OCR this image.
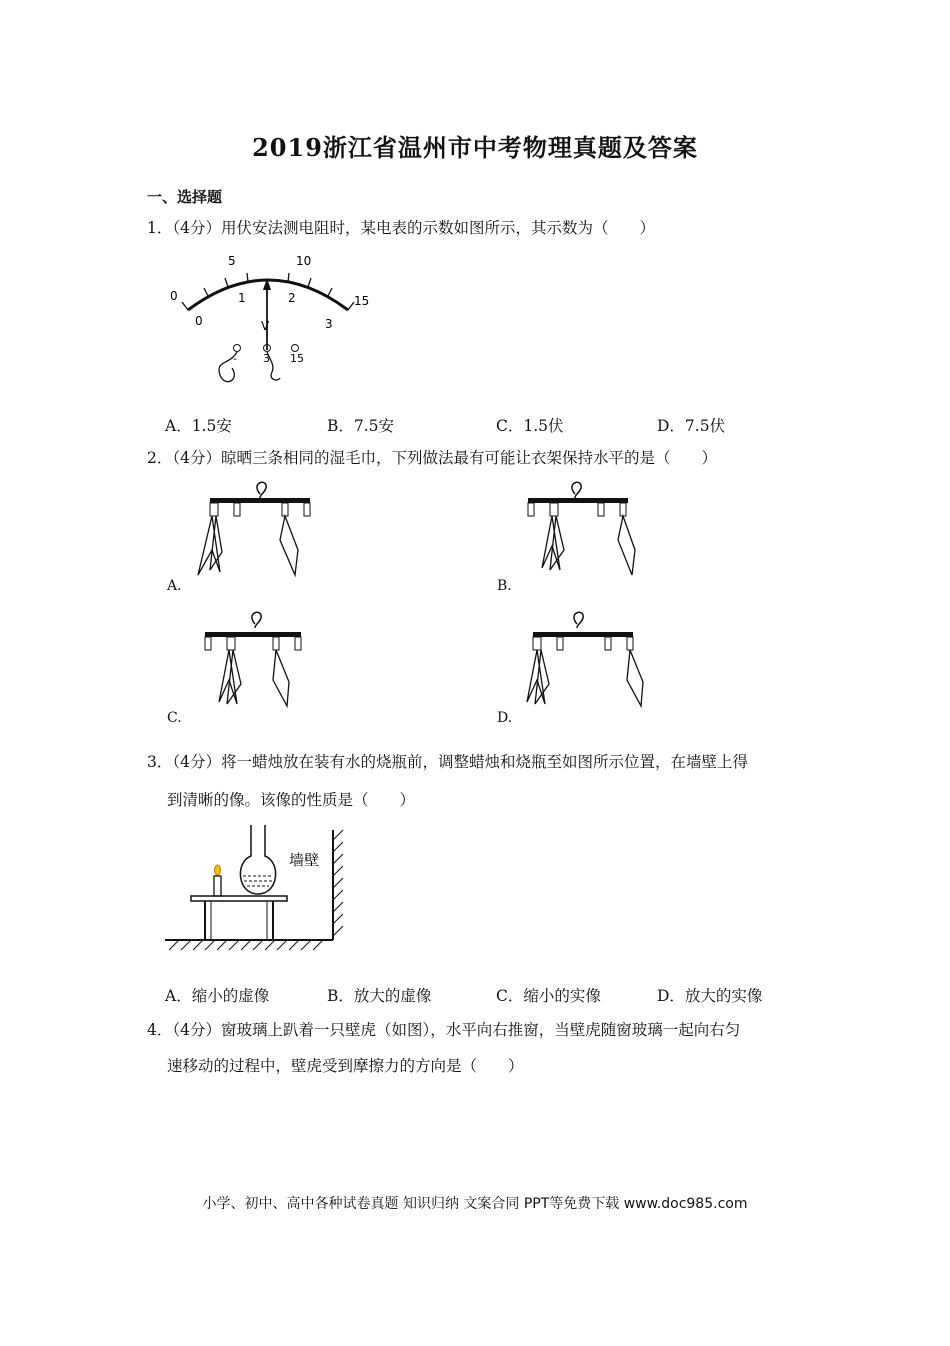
2019浙江省温州市中考物理真题及答案
一、选择题
1．（4分）用伏安法测电阻时，某电表的示数如图所示，其示数为（　　）
0
5	10
15
0
1	2
3
V
- 3 15
A．1.5安	B．7.5安	C．1.5伏	D．7.5伏
2．（4分）晾晒三条相同的湿毛巾，下列做法最有可能让衣架保持水平的是（　　）
A.	B.
C.	D.
3．（4分）将一蜡烛放在装有水的烧瓶前，调整蜡烛和烧瓶至如图所示位置，在墙壁上得
到清晰的像。该像的性质是（　　）
墙壁
A．缩小的虚像	B．放大的虚像	C．缩小的实像	D．放大的实像
4．（4分）窗玻璃上趴着一只壁虎（如图），水平向右推窗，当壁虎随窗玻璃一起向右匀
速移动的过程中，壁虎受到摩擦力的方向是（　　）
小学、初中、高中各种试卷真题 知识归纳 文案合同 PPT等免费下载 www.doc985.com
